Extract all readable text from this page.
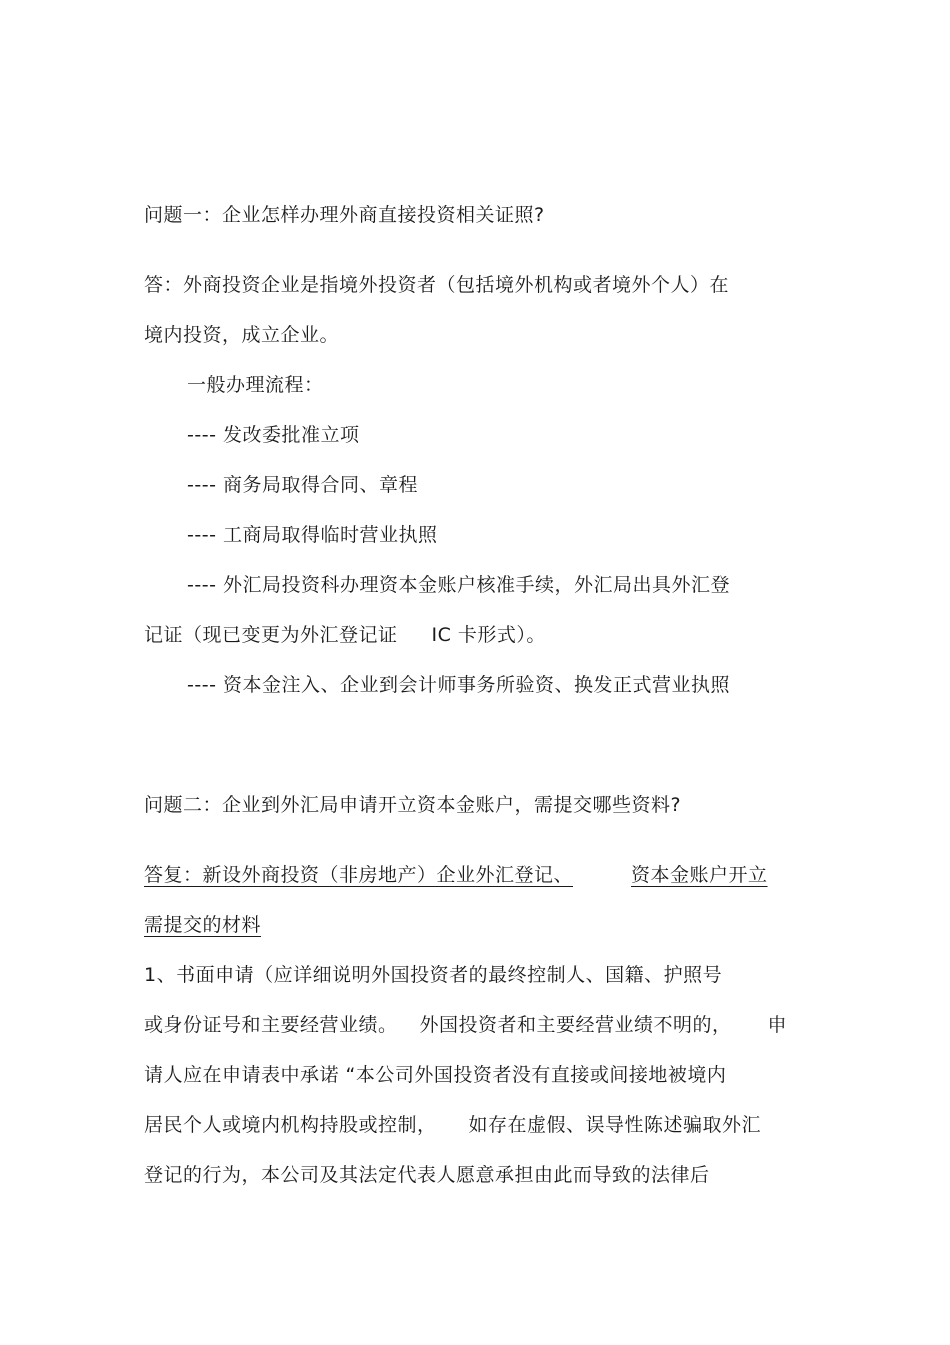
问题一：企业怎样办理外商直接投资相关证照?
答：外商投资企业是指境外投资者（包括境外机构或者境外个人）在
境内投资，成立企业。
一般办理流程：
---- 发改委批准立项
---- 商务局取得合同、章程
---- 工商局取得临时营业执照
---- 外汇局投资科办理资本金账户核准手续，外汇局出具外汇登
记证（现已变更为外汇登记证 IC 卡形式）。
---- 资本金注入、企业到会计师事务所验资、换发正式营业执照
问题二：企业到外汇局申请开立资本金账户，需提交哪些资料?
答复：新设外商投资（非房地产）企业外汇登记、	资本金账户开立
需提交的材料
1、书面申请（应详细说明外国投资者的最终控制人、国籍、护照号
或身份证号和主要经营业绩。 外国投资者和主要经营业绩不明的， 申
请人应在申请表中承诺 “本公司外国投资者没有直接或间接地被境内
居民个人或境内机构持股或控制， 如存在虚假、误导性陈述骗取外汇
登记的行为，本公司及其法定代表人愿意承担由此而导致的法律后
